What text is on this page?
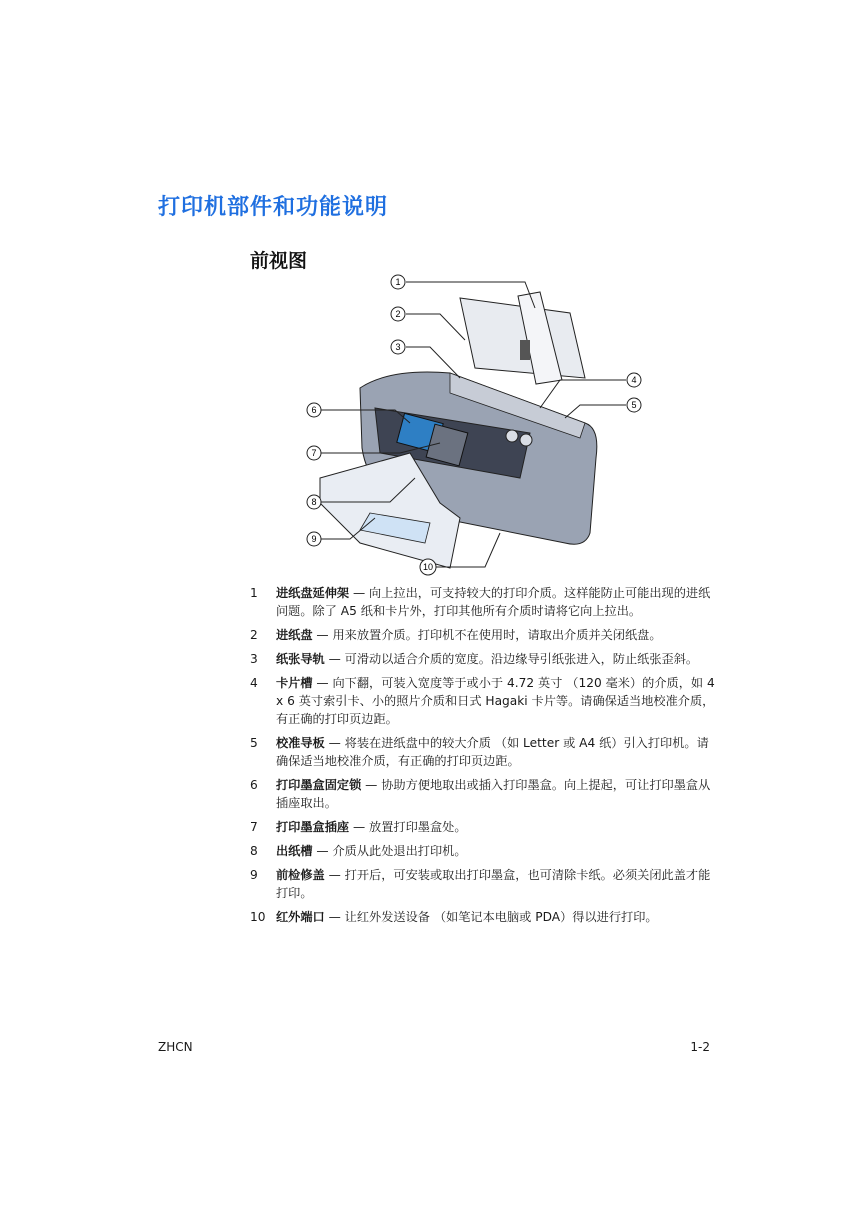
打印机部件和功能说明
前视图
1
2
3
4
5
6
7
8
9
10
1	进纸盘延伸架 — 向上拉出，可支持较大的打印介质。这样能防止可能出现的进纸问题。除了 A5 纸和卡片外，打印其他所有介质时请将它向上拉出。
2	进纸盘 — 用来放置介质。打印机不在使用时，请取出介质并关闭纸盘。
3	纸张导轨 — 可滑动以适合介质的宽度。沿边缘导引纸张进入，防止纸张歪斜。
4	卡片槽 — 向下翻，可装入宽度等于或小于 4.72 英寸 （120 毫米）的介质，如 4 x 6 英寸索引卡、小的照片介质和日式 Hagaki 卡片等。请确保适当地校准介质，有正确的打印页边距。
5	校准导板 — 将装在进纸盘中的较大介质 （如 Letter 或 A4 纸）引入打印机。请确保适当地校准介质，有正确的打印页边距。
6	打印墨盒固定锁 — 协助方便地取出或插入打印墨盒。向上提起，可让打印墨盒从插座取出。
7	打印墨盒插座 — 放置打印墨盒处。
8	出纸槽 — 介质从此处退出打印机。
9	前检修盖 — 打开后，可安装或取出打印墨盒，也可清除卡纸。必须关闭此盖才能打印。
10 红外端口 — 让红外发送设备 （如笔记本电脑或 PDA）得以进行打印。
ZHCN	1-2
